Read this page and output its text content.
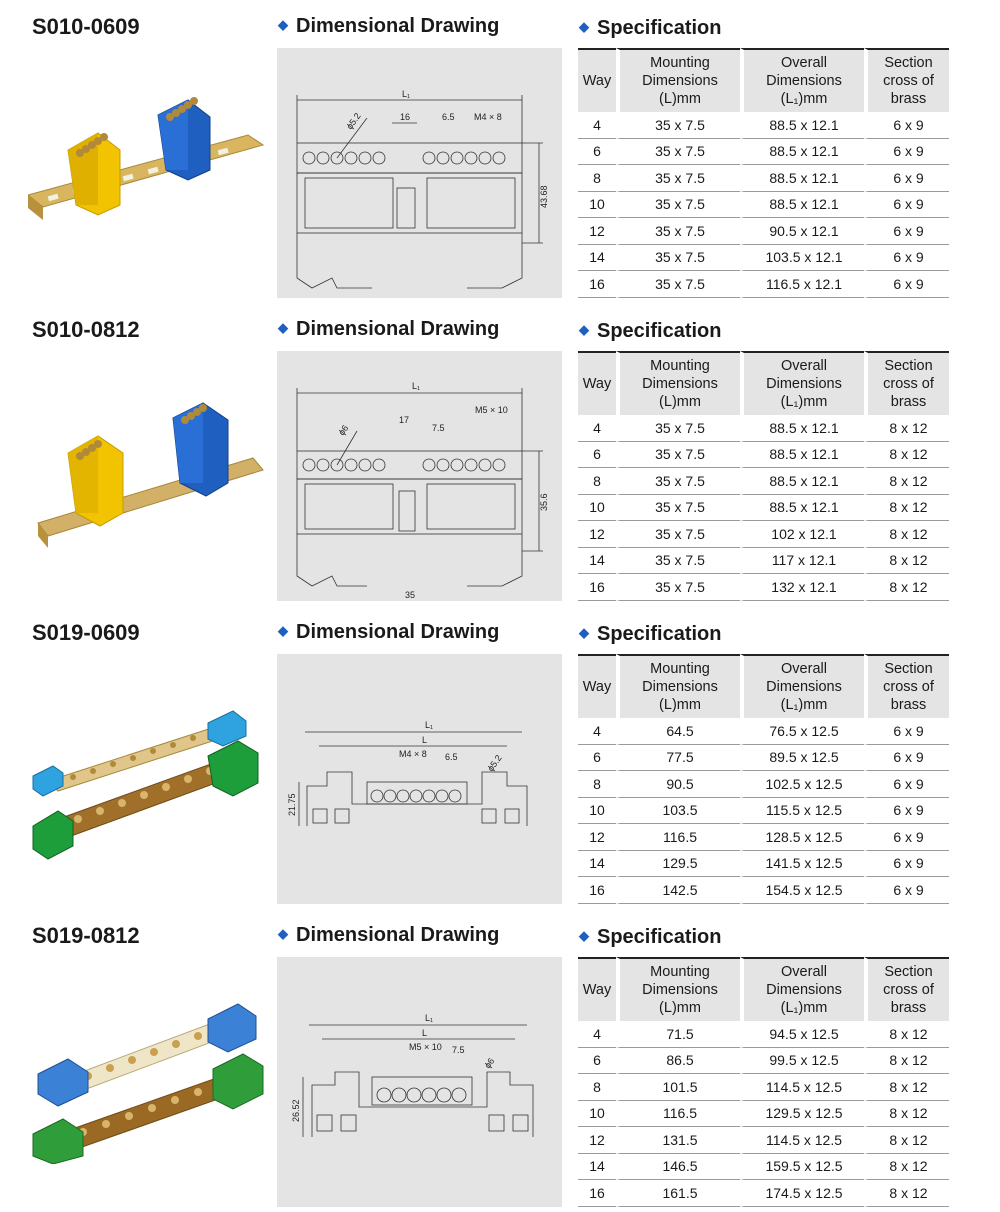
S010-0609	◆ Dimensional Drawing	◆ Specification
L₁
16	6.5 M4 × 8
ϕ5.2
43.68
Way	Mounting Dimensions (L)mm	Overall Dimensions (L₁)mm	Section cross of brass
4	35 x 7.5	88.5 x 12.1	6 x 9
6	35 x 7.5	88.5 x 12.1	6 x 9
8	35 x 7.5	88.5 x 12.1	6 x 9
10	35 x 7.5	88.5 x 12.1	6 x 9
12	35 x 7.5	90.5 x 12.1	6 x 9
14	35 x 7.5	103.5 x 12.1	6 x 9
16	35 x 7.5	116.5 x 12.1	6 x 9
S010-0812	◆ Dimensional Drawing	◆ Specification
L₁
35
17
7.5
M5 × 10
ϕ6
35.6
Way	Mounting Dimensions (L)mm	Overall Dimensions (L₁)mm	Section cross of brass
4	35 x 7.5	88.5 x 12.1	8 x 12
6	35 x 7.5	88.5 x 12.1	8 x 12
8	35 x 7.5	88.5 x 12.1	8 x 12
10	35 x 7.5	88.5 x 12.1	8 x 12
12	35 x 7.5	102 x 12.1	8 x 12
14	35 x 7.5	117 x 12.1	8 x 12
16	35 x 7.5	132 x 12.1	8 x 12
S019-0609	◆ Dimensional Drawing	◆ Specification
L₁
L
M4 × 8 6.5	ϕ5.2
21.75
Way	Mounting Dimensions (L)mm	Overall Dimensions (L₁)mm	Section cross of brass
4	64.5	76.5 x 12.5	6 x 9
6	77.5	89.5 x 12.5	6 x 9
8	90.5	102.5 x 12.5	6 x 9
10	103.5	115.5 x 12.5	6 x 9
12	116.5	128.5 x 12.5	6 x 9
14	129.5	141.5 x 12.5	6 x 9
16	142.5	154.5 x 12.5	6 x 9
S019-0812	◆ Dimensional Drawing	◆ Specification
L₁
L
M5 × 10 7.5
ϕ6
26.52
Way	Mounting Dimensions (L)mm	Overall Dimensions (L₁)mm	Section cross of brass
4	71.5	94.5 x 12.5	8 x 12
6	86.5	99.5 x 12.5	8 x 12
8	101.5	114.5 x 12.5	8 x 12
10	116.5	129.5 x 12.5	8 x 12
12	131.5	114.5 x 12.5	8 x 12
14	146.5	159.5 x 12.5	8 x 12
16	161.5	174.5 x 12.5	8 x 12
